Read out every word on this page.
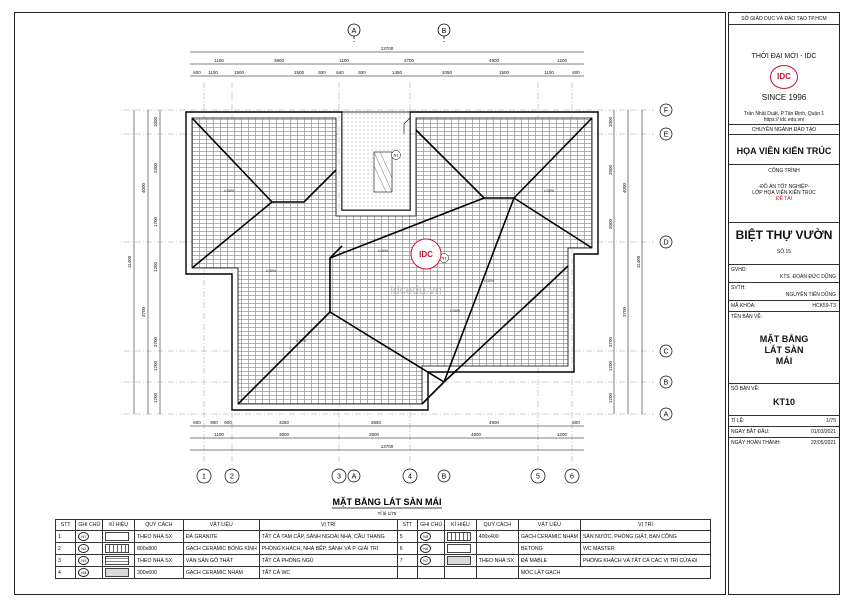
A	B
13700
1100	3800	1100	2700	4900	1200
600 1100	1500	1500	930 640	930	1450	1050	1500	1100	600
11400
4000
3700
1000
2300
1700
1200
3700
1200
1200
1000
2600
2000
3700
1200
1200
4000
3700
11400
F
E
D
C
B
A
i=30%
i=30%
i=30%
i=30%
i=30%
i=30%
i=30%
N1
N1
idcedu.vn
IDC
600 900 600	3250	3650	4900	600
1100	3800	2800	4800	1200
13700
1	2	3	4	5	6
A	B
MẶT BẰNG LÁT SÀN MÁI
TỈ lệ 1/75
STT	GHI CHÚ	KÍ HIỆU	QUY CÁCH	VẬT LIỆU	VỊ TRÍ	STT	GHI CHÚ	KÍ HIỆU	QUY CÁCH	VẬT LIỆU	VỊ TRÍ
1	N1		THEO NHÀ SX	ĐÁ GRANITE	TẤT CẢ TAM CẤP, SẢNH NGOÀI NHÀ, CẦU THANG	5	N5		400x400	GẠCH CERAMIC NHÁM	SÂN NƯỚC, PHÒNG GIẶT, BAN CÔNG
2	N2		800x800	GẠCH CERAMIC BÓNG KÍNH	PHÒNG KHÁCH, NHÀ BẾP, SẢNH VÀ P. GIẢI TRÍ	6	N6			BETONG	WC MASTER
3	N3		THEO NHÀ SX	VÁN SÀN GỖ THẬT	TẤT CẢ PHÒNG NGỦ	7	N7		THEO NHÀ SX	ĐÁ MABLE	PHÒNG KHÁCH VÀ TẤT CẢ CÁC VỊ TRÍ CỬA ĐI
4	N4		300x600	GẠCH CERAMIC NHÁM	TẤT CẢ WC					MÓC LÁT GẠCH	
SỞ GIÁO DỤC VÀ ĐÀO TẠO TP.HCM
THỜI ĐẠI MỚI - IDC
IDC
SINCE 1996
Trần Nhật Duật, P.Tân Định, Quận 1
https:// idc.edu.vn/
CHUYÊN NGÀNH ĐÀO TẠO
HỌA VIÊN KIẾN TRÚC
CÔNG TRÌNH
-ĐỒ ÁN TỐT NGHIỆP-
LỚP HỌA VIÊN KIẾN TRÚC
ĐỀ TÀI
BIỆT THỰ VƯỜN
SỐ.15
GVHD:
KTS. ĐOÀN ĐỨC DŨNG
SVTH:
NGUYỄN TIẾN DŨNG
MÃ KHÓA:	HCK59-T3
TÊN BẢN VẼ:
MẶT BẰNG
LÁT SÀN
MÁI
SỐ BẢN VẼ:
KT10
TỈ LỆ:	1/75
NGÀY BẮT ĐẦU:	01/03/2021
NGÀY HOÀN THÀNH:	22/05/2021
